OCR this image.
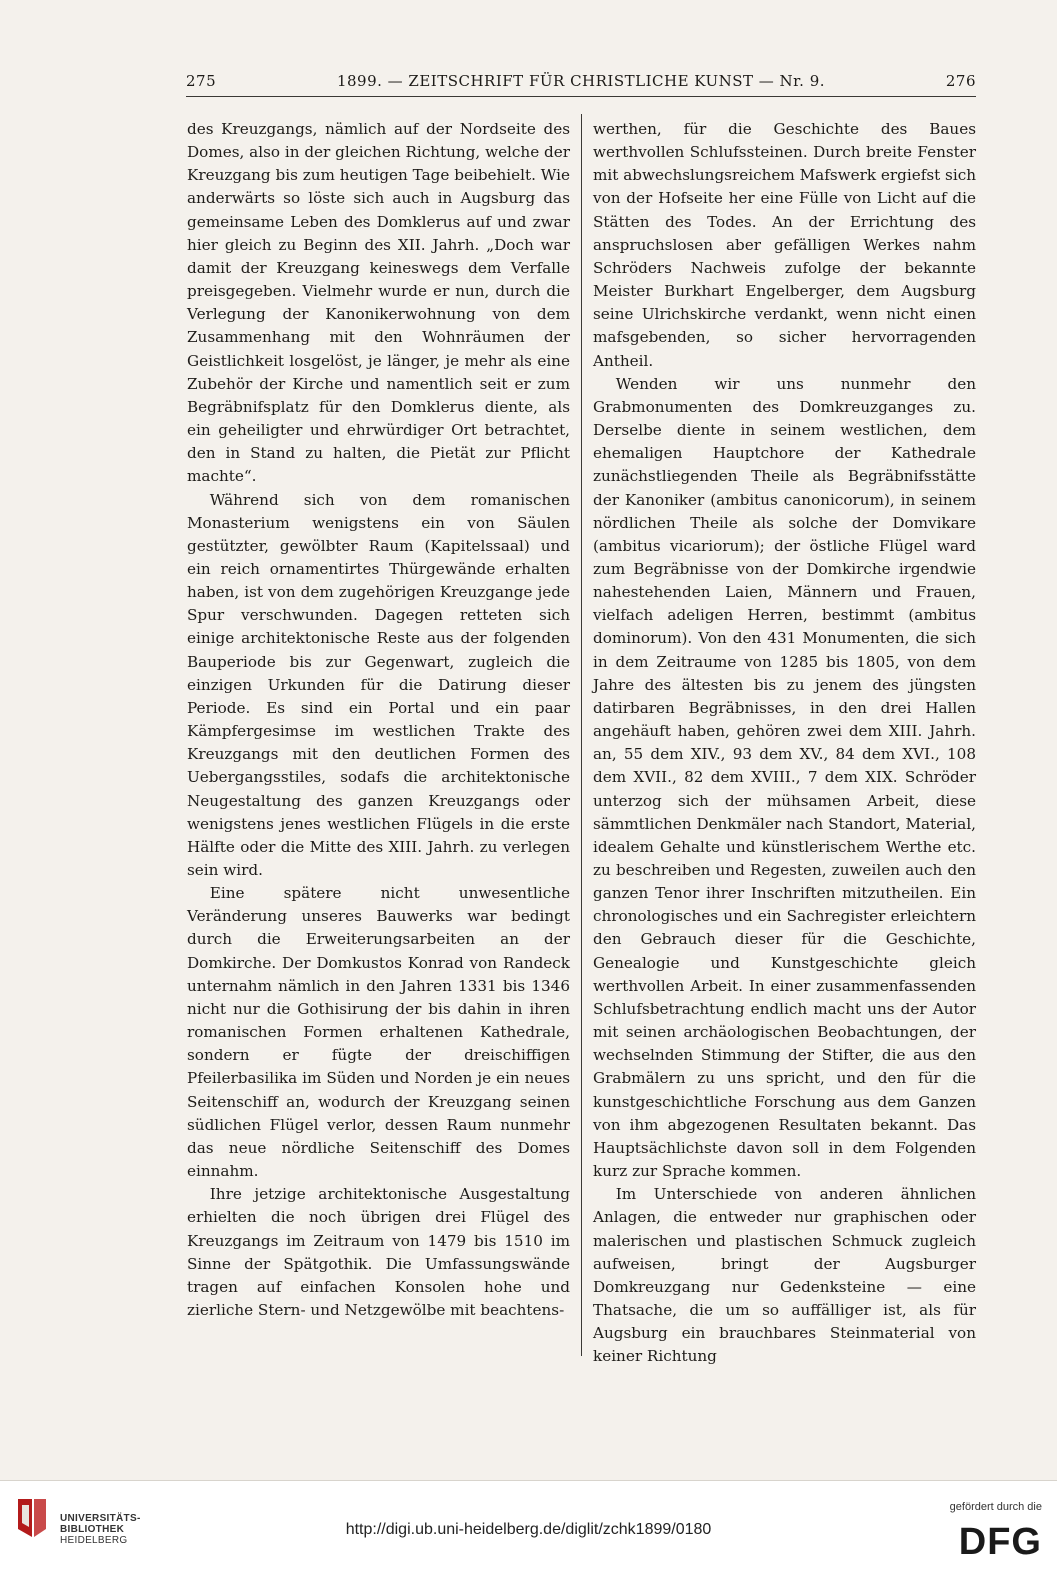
275	1899. — ZEITSCHRIFT FÜR CHRISTLICHE KUNST — Nr. 9.	276

des Kreuzgangs, nämlich auf der Nordseite des Domes, also in der gleichen Richtung, welche der Kreuzgang bis zum heutigen Tage beibehielt. Wie anderwärts so löste sich auch in Augsburg das gemeinsame Leben des Domklerus auf und zwar hier gleich zu Beginn des XII. Jahrh. „Doch war damit der Kreuzgang keineswegs dem Verfalle preisgegeben. Vielmehr wurde er nun, durch die Verlegung der Kanonikerwohnung von dem Zusammenhang mit den Wohnräumen der Geistlichkeit losgelöst, je länger, je mehr als eine Zubehör der Kirche und namentlich seit er zum Begräbnifsplatz für den Domklerus diente, als ein geheiligter und ehrwürdiger Ort betrachtet, den in Stand zu halten, die Pietät zur Pflicht machte“.

Während sich von dem romanischen Monasterium wenigstens ein von Säulen gestützter, gewölbter Raum (Kapitelssaal) und ein reich ornamentirtes Thürgewände erhalten haben, ist von dem zugehörigen Kreuzgange jede Spur verschwunden. Dagegen retteten sich einige architektonische Reste aus der folgenden Bauperiode bis zur Gegenwart, zugleich die einzigen Urkunden für die Datirung dieser Periode. Es sind ein Portal und ein paar Kämpfergesimse im westlichen Trakte des Kreuzgangs mit den deutlichen Formen des Uebergangsstiles, sodafs die architektonische Neugestaltung des ganzen Kreuzgangs oder wenigstens jenes westlichen Flügels in die erste Hälfte oder die Mitte des XIII. Jahrh. zu verlegen sein wird.

Eine spätere nicht unwesentliche Veränderung unseres Bauwerks war bedingt durch die Erweiterungsarbeiten an der Domkirche. Der Domkustos Konrad von Randeck unternahm nämlich in den Jahren 1331 bis 1346 nicht nur die Gothisirung der bis dahin in ihren romanischen Formen erhaltenen Kathedrale, sondern er fügte der dreischiffigen Pfeilerbasilika im Süden und Norden je ein neues Seitenschiff an, wodurch der Kreuzgang seinen südlichen Flügel verlor, dessen Raum nunmehr das neue nördliche Seitenschiff des Domes einnahm.

Ihre jetzige architektonische Ausgestaltung erhielten die noch übrigen drei Flügel des Kreuzgangs im Zeitraum von 1479 bis 1510 im Sinne der Spätgothik. Die Umfassungswände tragen auf einfachen Konsolen hohe und zierliche Stern- und Netzgewölbe mit beachtens-

werthen, für die Geschichte des Baues werthvollen Schlufssteinen. Durch breite Fenster mit abwechslungsreichem Mafswerk ergiefst sich von der Hofseite her eine Fülle von Licht auf die Stätten des Todes. An der Errichtung des anspruchslosen aber gefälligen Werkes nahm Schröders Nachweis zufolge der bekannte Meister Burkhart Engelberger, dem Augsburg seine Ulrichskirche verdankt, wenn nicht einen mafsgebenden, so sicher hervorragenden Antheil.

Wenden wir uns nunmehr den Grabmonumenten des Domkreuzganges zu. Derselbe diente in seinem westlichen, dem ehemaligen Hauptchore der Kathedrale zunächstliegenden Theile als Begräbnifsstätte der Kanoniker (ambitus canonicorum), in seinem nördlichen Theile als solche der Domvikare (ambitus vicariorum); der östliche Flügel ward zum Begräbnisse von der Domkirche irgendwie nahestehenden Laien, Männern und Frauen, vielfach adeligen Herren, bestimmt (ambitus dominorum). Von den 431 Monumenten, die sich in dem Zeitraume von 1285 bis 1805, von dem Jahre des ältesten bis zu jenem des jüngsten datirbaren Begräbnisses, in den drei Hallen angehäuft haben, gehören zwei dem XIII. Jahrh. an, 55 dem XIV., 93 dem XV., 84 dem XVI., 108 dem XVII., 82 dem XVIII., 7 dem XIX. Schröder unterzog sich der mühsamen Arbeit, diese sämmtlichen Denkmäler nach Standort, Material, idealem Gehalte und künstlerischem Werthe etc. zu beschreiben und Regesten, zuweilen auch den ganzen Tenor ihrer Inschriften mitzutheilen. Ein chronologisches und ein Sachregister erleichtern den Gebrauch dieser für die Geschichte, Genealogie und Kunstgeschichte gleich werthvollen Arbeit. In einer zusammenfassenden Schlufsbetrachtung endlich macht uns der Autor mit seinen archäologischen Beobachtungen, der wechselnden Stimmung der Stifter, die aus den Grabmälern zu uns spricht, und den für die kunstgeschichtliche Forschung aus dem Ganzen von ihm abgezogenen Resultaten bekannt. Das Hauptsächlichste davon soll in dem Folgenden kurz zur Sprache kommen.

Im Unterschiede von anderen ähnlichen Anlagen, die entweder nur graphischen oder malerischen und plastischen Schmuck zugleich aufweisen, bringt der Augsburger Domkreuzgang nur Gedenksteine — eine Thatsache, die um so auffälliger ist, als für Augsburg ein brauchbares Steinmaterial von keiner Richtung

UNIVERSITÄTS-
BIBLIOTHEK
HEIDELBERG
http://digi.ub.uni-heidelberg.de/diglit/zchk1899/0180
gefördert durch die
DFG
